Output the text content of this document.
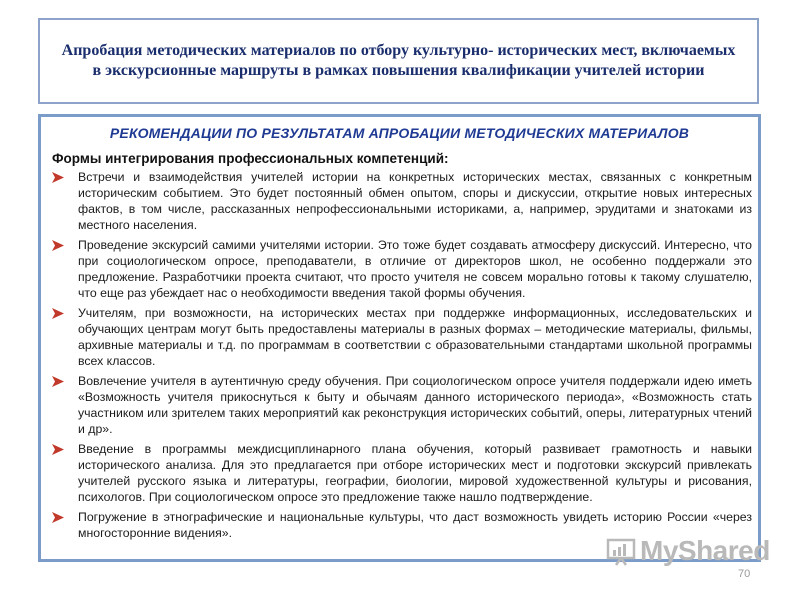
Апробация методических материалов по отбору культурно- исторических мест, включаемых в экскурсионные маршруты в рамках повышения квалификации учителей истории
РЕКОМЕНДАЦИИ ПО РЕЗУЛЬТАТАМ АПРОБАЦИИ МЕТОДИЧЕСКИХ МАТЕРИАЛОВ
Формы интегрирования профессиональных компетенций:
Встречи и взаимодействия учителей истории на конкретных исторических местах, связанных с конкретным историческим событием. Это будет постоянный обмен опытом, споры и дискуссии, открытие новых интересных фактов, в том числе, рассказанных непрофессиональными историками, а, например, эрудитами и знатоками из местного населения.
Проведение экскурсий самими учителями истории. Это тоже будет создавать атмосферу дискуссий. Интересно, что при социологическом опросе, преподаватели, в отличие от директоров школ, не особенно поддержали это предложение. Разработчики проекта считают, что просто учителя не совсем морально готовы к такому слушателю, что еще раз убеждает нас о необходимости введения такой формы обучения.
Учителям, при возможности, на исторических местах при поддержке информационных, исследовательских и обучающих центрам могут быть предоставлены материалы в разных формах – методические материалы, фильмы, архивные материалы и т.д. по программам в соответствии с образовательными стандартами школьной программы всех классов.
Вовлечение учителя в аутентичную среду обучения. При социологическом опросе учителя поддержали идею иметь «Возможность учителя прикоснуться к быту и обычаям данного исторического периода», «Возможность стать участником или зрителем таких мероприятий как реконструкция исторических событий, оперы, литературных чтений и др».
Введение в программы междисциплинарного плана обучения, который развивает грамотность и навыки исторического анализа. Для это предлагается при отборе исторических мест и подготовки экскурсий привлекать учителей русского языка и литературы, географии, биологии, мировой художественной культуры и рисования, психологов. При социологическом опросе это предложение также нашло подтверждение.
Погружение в этнографические и национальные культуры, что даст возможность увидеть историю России «через многосторонние видения».
MyShared
70
